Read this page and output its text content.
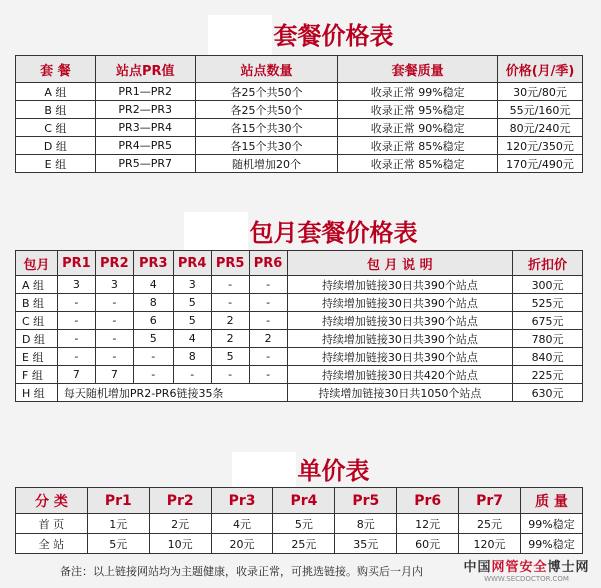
套餐价格表
套 餐	站点PR值	站点数量	套餐质量	价格(月/季)
A 组	PR1—PR2	各25个共50个	收录正常 99%稳定	30元/80元
B 组	PR2—PR3	各25个共50个	收录正常 95%稳定	55元/160元
C 组	PR3—PR4	各15个共30个	收录正常 90%稳定	80元/240元
D 组	PR4—PR5	各15个共30个	收录正常 85%稳定	120元/350元
E 组	PR5—PR7	随机增加20个	收录正常 85%稳定	170元/490元
包月套餐价格表
包月	PR1	PR2	PR3	PR4	PR5	PR6	包 月 说 明	折扣价
A 组	3	3	4	3	-	-	持续增加链接30日共390个站点	300元
B 组	-	-	8	5	-	-	持续增加链接30日共390个站点	525元
C 组	-	-	6	5	2	-	持续增加链接30日共390个站点	675元
D 组	-	-	5	4	2	2	持续增加链接30日共390个站点	780元
E 组	-	-	-	8	5	-	持续增加链接30日共390个站点	840元
F 组	7	7	-	-	-	-	持续增加链接30日共420个站点	225元
H 组	每天随机增加PR2-PR6链接35条						持续增加链接30日共1050个站点	630元
单价表
分 类	Pr1	Pr2	Pr3	Pr4	Pr5	Pr6	Pr7	质 量
首 页	1元	2元	4元	5元	8元	12元	25元	99%稳定
全 站	5元	10元	20元	25元	35元	60元	120元	99%稳定
备注：以上链接网站均为主题健康，收录正常，可挑选链接。购买后一月内	中国网管安全博士网
WWW.SECDOCTOR.COM
